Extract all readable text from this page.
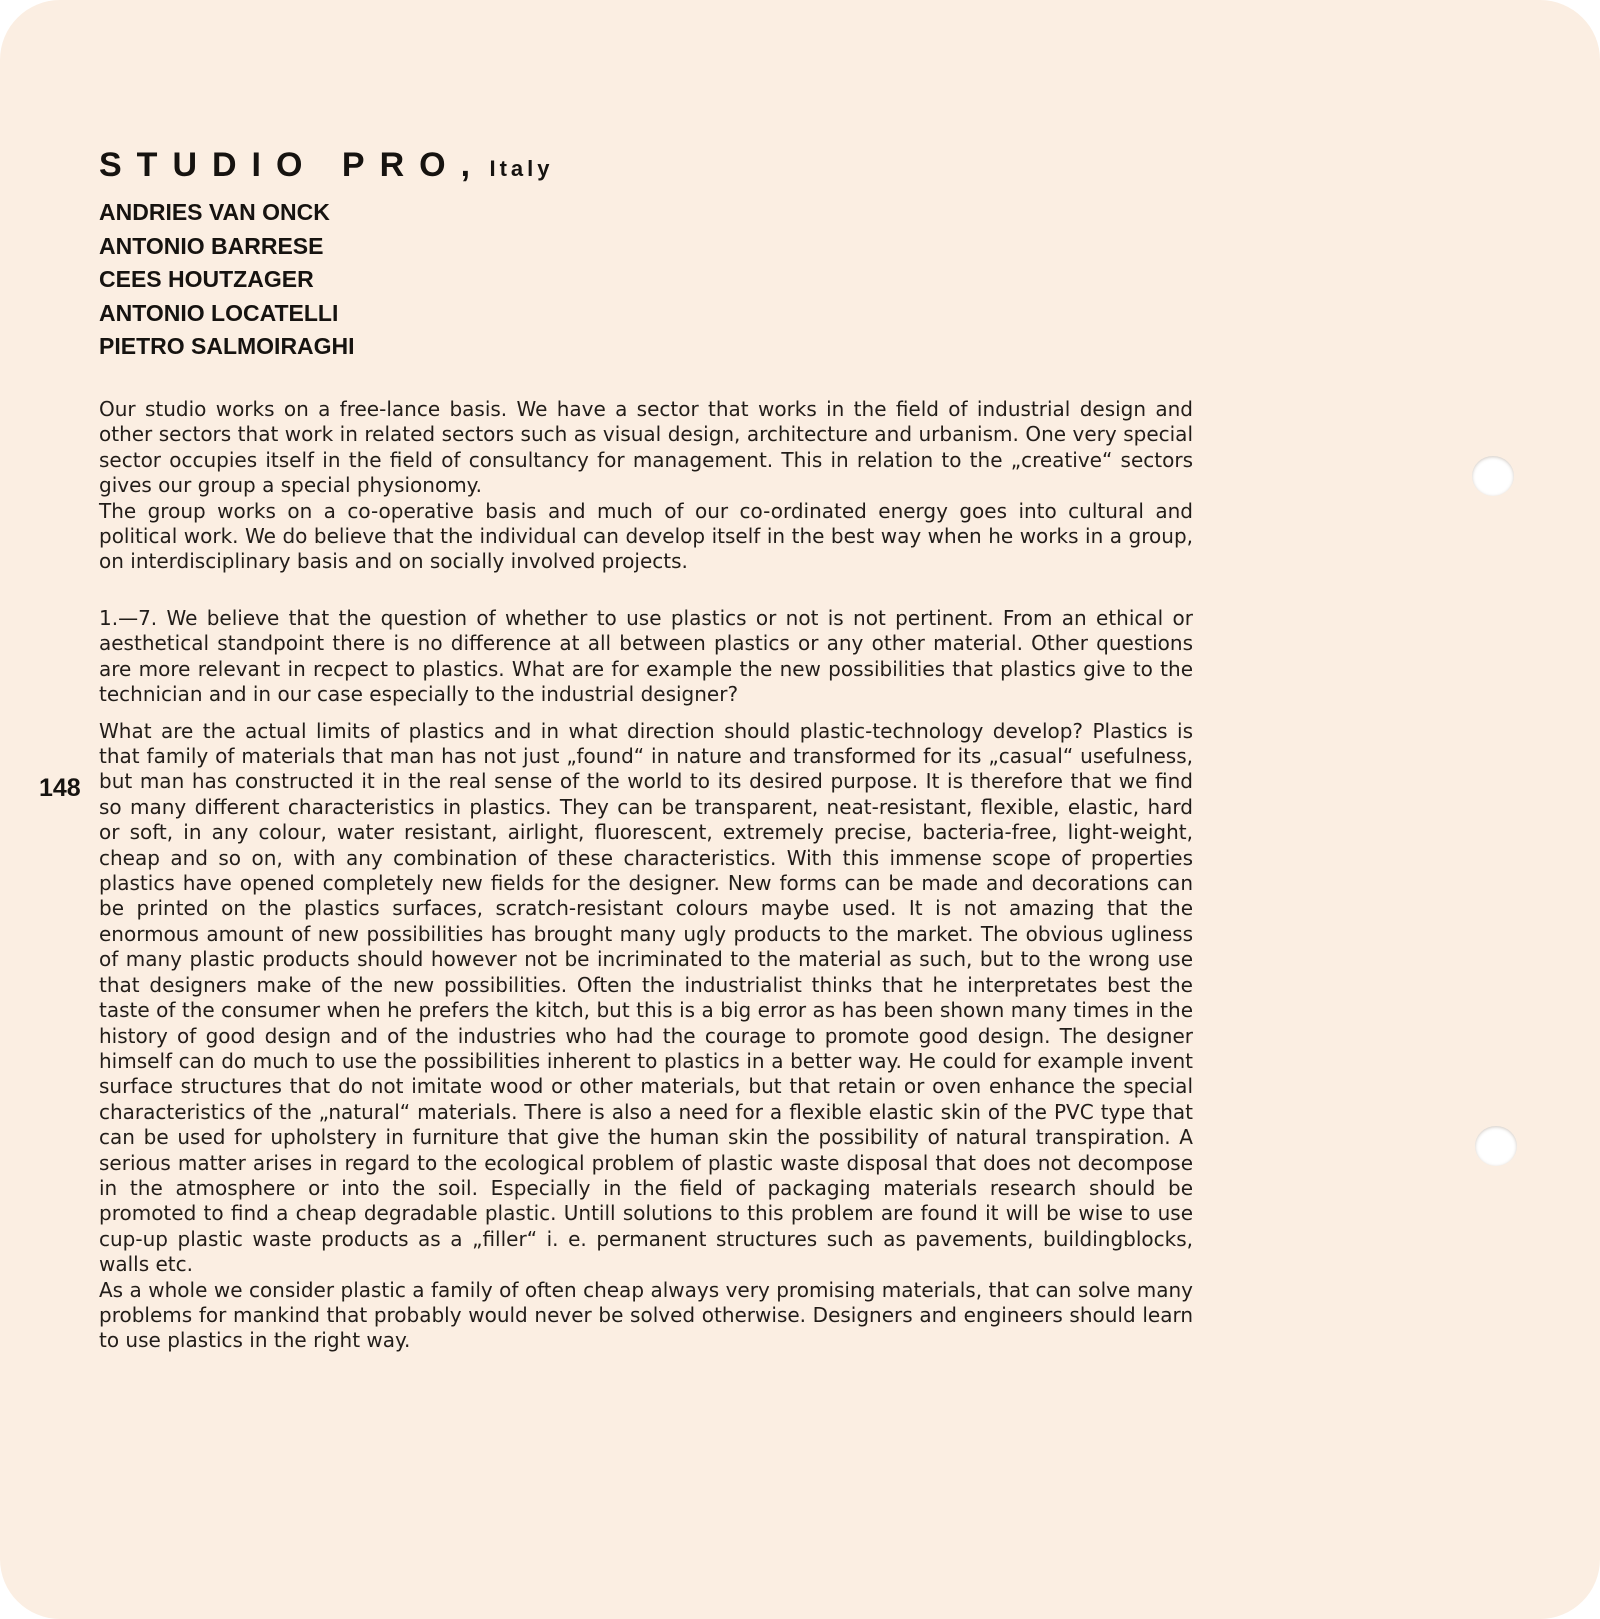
STUDIO PRO, Italy
ANDRIES VAN ONCK
ANTONIO BARRESE
CEES HOUTZAGER
ANTONIO LOCATELLI
PIETRO SALMOIRAGHI

Our studio works on a free-lance basis. We have a sector that works in the field of industrial design and other sectors that work in related sectors such as visual design, architecture and urbanism. One very special sector occupies itself in the field of consultancy for management. This in relation to the „creative“ sectors gives our group a special physionomy.

The group works on a co-operative basis and much of our co-ordinated energy goes into cultural and political work. We do believe that the individual can develop itself in the best way when he works in a group, on interdisciplinary basis and on socially involved projects.

1.—7. We believe that the question of whether to use plastics or not is not pertinent. From an ethical or aesthetical standpoint there is no difference at all between plastics or any other material. Other questions are more relevant in recpect to plastics. What are for example the new possibilities that plastics give to the technician and in our case especially to the industrial designer?

What are the actual limits of plastics and in what direction should plastic-technology develop? Plastics is that family of materials that man has not just „found“ in nature and transformed for its „casual“ usefulness, but man has constructed it in the real sense of the world to its desired purpose. It is therefore that we find so many different characteristics in plastics. They can be transparent, neat-resistant, flexible, elastic, hard or soft, in any colour, water resistant, airlight, fluorescent, extremely precise, bacteria-free, light-weight, cheap and so on, with any combination of these characteristics. With this immense scope of properties plastics have opened completely new fields for the designer. New forms can be made and decorations can be printed on the plastics surfaces, scratch-resistant colours maybe used. It is not amazing that the enormous amount of new possibilities has brought many ugly products to the market. The obvious ugliness of many plastic products should however not be incriminated to the material as such, but to the wrong use that designers make of the new possibilities. Often the industrialist thinks that he interpretates best the taste of the consumer when he prefers the kitch, but this is a big error as has been shown many times in the history of good design and of the industries who had the courage to promote good design. The designer himself can do much to use the possibilities inherent to plastics in a better way. He could for example invent surface structures that do not imitate wood or other materials, but that retain or oven enhance the special characteristics of the „natural“ materials. There is also a need for a flexible elastic skin of the PVC type that can be used for upholstery in furniture that give the human skin the possibility of natural transpiration. A serious matter arises in regard to the ecological problem of plastic waste disposal that does not decompose in the atmosphere or into the soil. Especially in the field of packaging materials research should be promoted to find a cheap degradable plastic. Untill solutions to this problem are found it will be wise to use cup-up plastic waste products as a „filler“ i. e. permanent structures such as pavements, buildingblocks, walls etc.

As a whole we consider plastic a family of often cheap always very promising materials, that can solve many problems for mankind that probably would never be solved otherwise. Designers and engineers should learn to use plastics in the right way.

148
